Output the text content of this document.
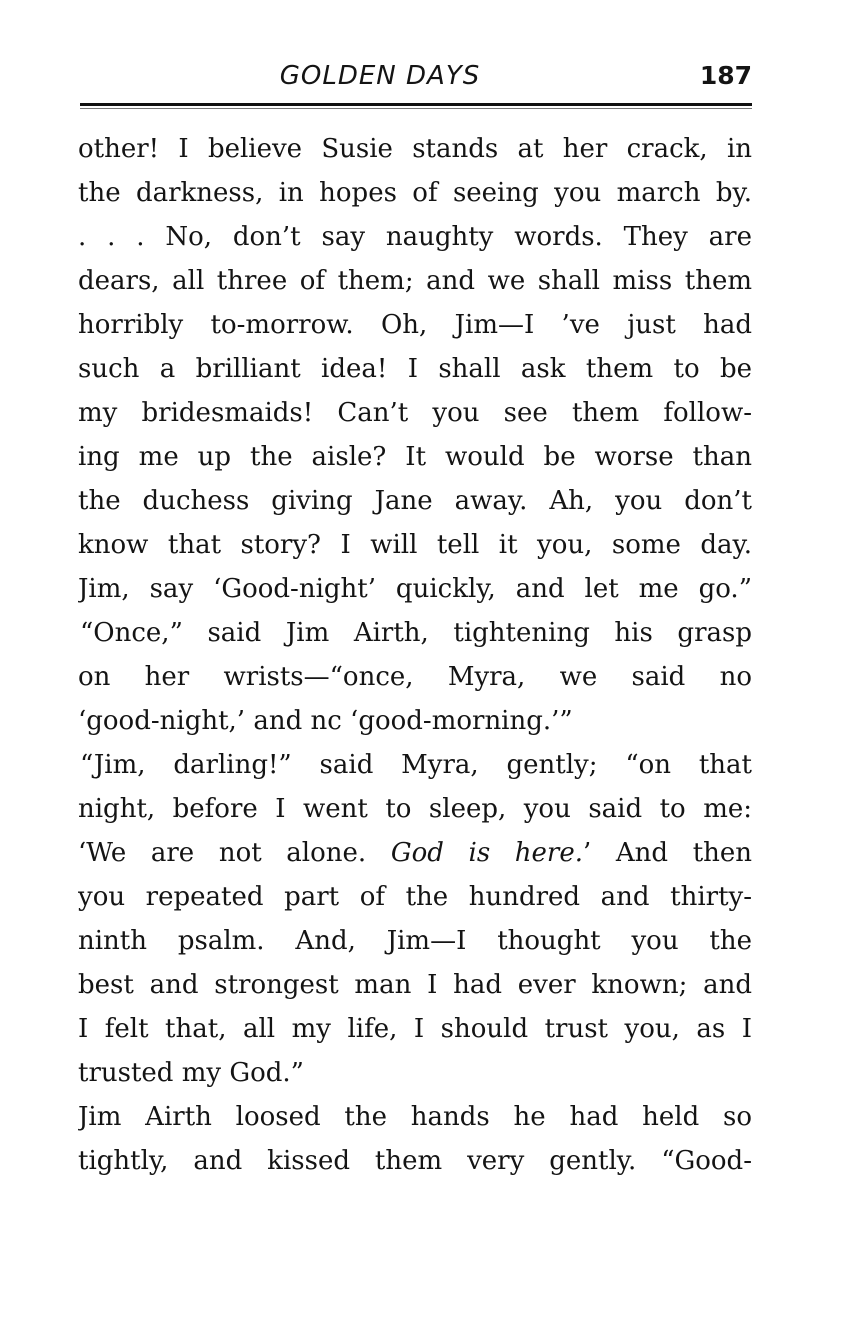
GOLDEN DAYS	187
other! I believe Susie stands at her crack, in
the darkness, in hopes of seeing you march by.
. . . No, don’t say naughty words. They are
dears, all three of them; and we shall miss them
horribly to-morrow. Oh, Jim—I ’ve just had
such a brilliant idea! I shall ask them to be
my bridesmaids! Can’t you see them follow-
ing me up the aisle? It would be worse than
the duchess giving Jane away. Ah, you don’t
know that story? I will tell it you, some day.
Jim, say ‘Good-night’ quickly, and let me go.”
“Once,” said Jim Airth, tightening his grasp
on her wrists—“once, Myra, we said no
‘good-night,’ and nc ‘good-morning.’”
“Jim, darling!” said Myra, gently; “on that
night, before I went to sleep, you said to me:
‘We are not alone. God is here.’ And then
you repeated part of the hundred and thirty-
ninth psalm. And, Jim—I thought you the
best and strongest man I had ever known; and
I felt that, all my life, I should trust you, as I
trusted my God.”
Jim Airth loosed the hands he had held so
tightly, and kissed them very gently. “Good-
